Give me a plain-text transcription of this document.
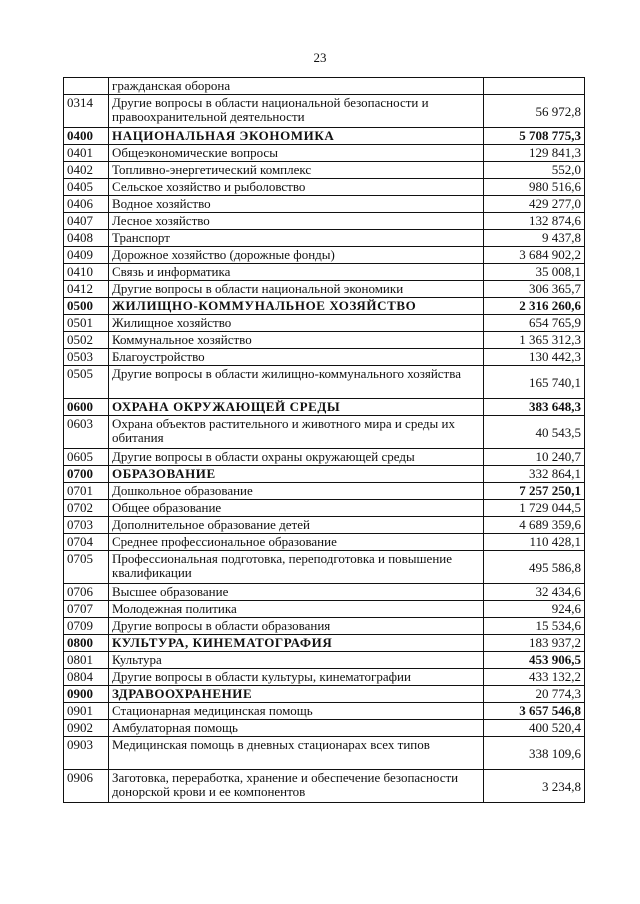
23
	гражданская оборона	
0314	Другие вопросы в области национальной безопасности и правоохранительной деятельности	56 972,8
0400	НАЦИОНАЛЬНАЯ ЭКОНОМИКА	5 708 775,3
0401	Общеэкономические вопросы	129 841,3
0402	Топливно-энергетический комплекс	552,0
0405	Сельское хозяйство и рыболовство	980 516,6
0406	Водное хозяйство	429 277,0
0407	Лесное хозяйство	132 874,6
0408	Транспорт	9 437,8
0409	Дорожное хозяйство (дорожные фонды)	3 684 902,2
0410	Связь и информатика	35 008,1
0412	Другие вопросы в области национальной экономики	306 365,7
0500	ЖИЛИЩНО-КОММУНАЛЬНОЕ ХОЗЯЙСТВО	2 316 260,6
0501	Жилищное хозяйство	654 765,9
0502	Коммунальное хозяйство	1 365 312,3
0503	Благоустройство	130 442,3
0505	Другие вопросы в области жилищно-коммунального хозяйства	165 740,1
0600	ОХРАНА ОКРУЖАЮЩЕЙ СРЕДЫ	383 648,3
0603	Охрана объектов растительного и животного мира и среды их обитания	40 543,5
0605	Другие вопросы в области охраны окружающей среды	10 240,7
0700	ОБРАЗОВАНИЕ	332 864,1
0701	Дошкольное образование	7 257 250,1
0702	Общее образование	1 729 044,5
0703	Дополнительное образование детей	4 689 359,6
0704	Среднее профессиональное образование	110 428,1
0705	Профессиональная подготовка, переподготовка и повышение квалификации	495 586,8
0706	Высшее образование	32 434,6
0707	Молодежная политика	924,6
0709	Другие вопросы в области образования	15 534,6
0800	КУЛЬТУРА, КИНЕМАТОГРАФИЯ	183 937,2
0801	Культура	453 906,5
0804	Другие вопросы в области культуры, кинематографии	433 132,2
0900	ЗДРАВООХРАНЕНИЕ	20 774,3
0901	Стационарная медицинская помощь	3 657 546,8
0902	Амбулаторная помощь	400 520,4
0903	Медицинская помощь в дневных стационарах всех типов	338 109,6
0906	Заготовка, переработка, хранение и обеспечение безопасности донорской крови и ее компонентов	3 234,8
